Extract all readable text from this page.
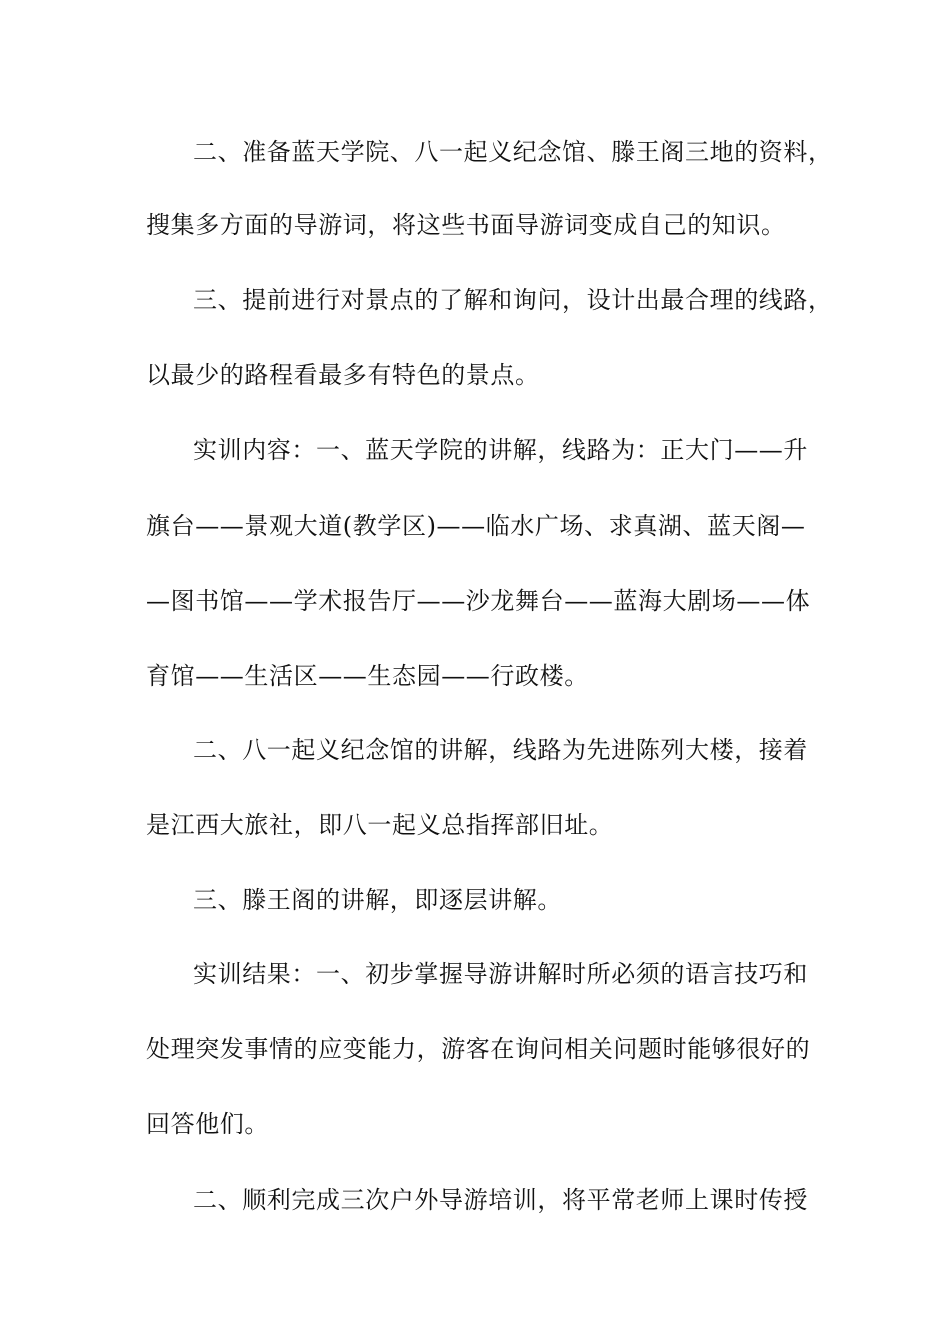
二、准备蓝天学院、八一起义纪念馆、滕王阁三地的资料，
搜集多方面的导游词，将这些书面导游词变成自己的知识。
三、提前进行对景点的了解和询问，设计出最合理的线路，
以最少的路程看最多有特色的景点。
实训内容：一、蓝天学院的讲解，线路为：正大门——升
旗台——景观大道(教学区)——临水广场、求真湖、蓝天阁—
—图书馆——学术报告厅——沙龙舞台——蓝海大剧场——体
育馆——生活区——生态园——行政楼。
二、八一起义纪念馆的讲解，线路为先进陈列大楼，接着
是江西大旅社，即八一起义总指挥部旧址。
三、滕王阁的讲解，即逐层讲解。
实训结果：一、初步掌握导游讲解时所必须的语言技巧和
处理突发事情的应变能力，游客在询问相关问题时能够很好的
回答他们。
二、顺利完成三次户外导游培训，将平常老师上课时传授
